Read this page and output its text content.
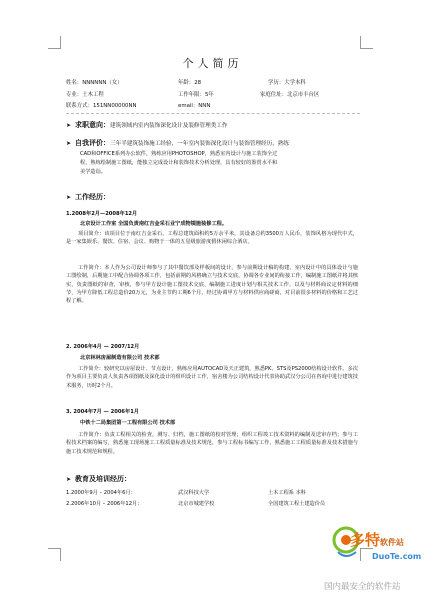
个人简历
姓名：NNNNNN（女）	年龄：28	学历：大学本科
专业：土木工程	工作年限：5年	家庭住址：北京市丰台区
联系方式：151NN00000NN	email：NNN
➤ 求职意向：建筑领域内室内装饰深化设计及装修管理类工作
➤ 自我评价：三年半建筑装饰施工经验，一年室内装饰深化设计与装饰管理经历，熟练
CAD和OFFICE系列办公软件，熟练应用PHOTOSHOP，熟悉室内设计与施工装饰全过
程，熟练绘制施工图纸，能独立完成设计和装饰技术分析处理，具有较好的鉴赏水平和
美学造诣。
➤ 工作经历：
1.2008年2月—2008年12月
北京设计工作室 全国负责南红吉金采石业宁成物镜施装修工程。
项目简介：该项目位于南红吉金采石，工程总建筑面积约5万余平米，其设备总约3500万人民币，装饰风格为现代中式，是一家集娱乐、餐饮、住宿、会议、购物于一体的五星级旅游度假休闲综合酒店。
工作简介：本人作为公司设计师参与了其中餐饮部及样板间的设计，参与前期设计稿的构建，室内设计中的具体设计与施工图绘制，后期施工中配合协调各项工作，包括前期的风格确立与技术交底，协调各专业间的衔接工作，编制施工图纸并将其核实，负责图纸的审查，审核，参与甲方设计施工图技术交底，编制施工进度计划与相关技术工作，以及与材料商议定材料的细节，为甲方降低工程总造价20万元，为业主节约工期6个月，经过协调甲方与材料供应商磋商，对目前很多材料的价格和工艺过程了解。
2. 2006年4月 — 2007/12月
北京林林房屋制造有限公司 技术部
工作简介：较研究以房屋设计、节点设计，熟练应用AUTOCAD及天正建筑，熟悉PK、STS及PS2000结构设计软件。多次作为项目主要负责人负责各项图纸及深化设计的组织设计工作，宿舍楼为公司结构设计代表协助武汉分公司在咨询中进行建筑技术服务，历时2个月。
3. 2004年7月 — 2006年1月
中铁十二局集团第一工程有限公司 技术部
工作简介：负责工程相关的检查，测写、归档，施工图纸的校对管理；组织工程竣工技术资料的编制及送审存档；参与工程技术档案的编写，熟悉施工现场施工工程质量标准及技术规范，参与工程标书编写工作，熟悉施工工程质量标准及技术措施与施工技术规范和规程。
➤ 教育及培训经历：
1.2000年9月 – 2004年6月：	武汉科技大学	土木工程系 本科
2.2006年10月 – 2006年12月：	北京市城建学校	全国建筑工程土建造价员
多特软件站
DuoTe.com
国内最安全的软件站
